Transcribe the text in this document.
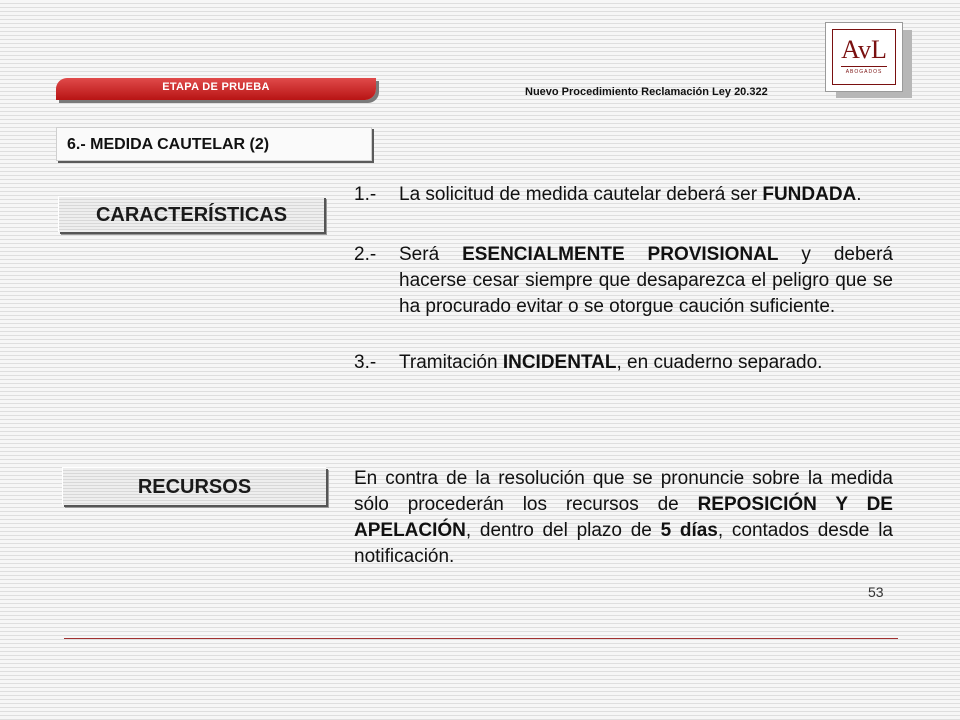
ETAPA DE PRUEBA	Nuevo Procedimiento Reclamación Ley 20.322
AvL
ABOGADOS
6.- MEDIDA CAUTELAR (2)
CARACTERÍSTICAS
1.- La solicitud de medida cautelar deberá ser FUNDADA.
2.- Será ESENCIALMENTE PROVISIONAL y deberá hacerse cesar siempre que desaparezca el peligro que se ha procurado evitar o se otorgue caución suficiente.
3.- Tramitación INCIDENTAL, en cuaderno separado.
RECURSOS	En contra de la resolución que se pronuncie sobre la medida sólo procederán los recursos de REPOSICIÓN Y DE APELACIÓN, dentro del plazo de 5 días, contados desde la notificación.
53
